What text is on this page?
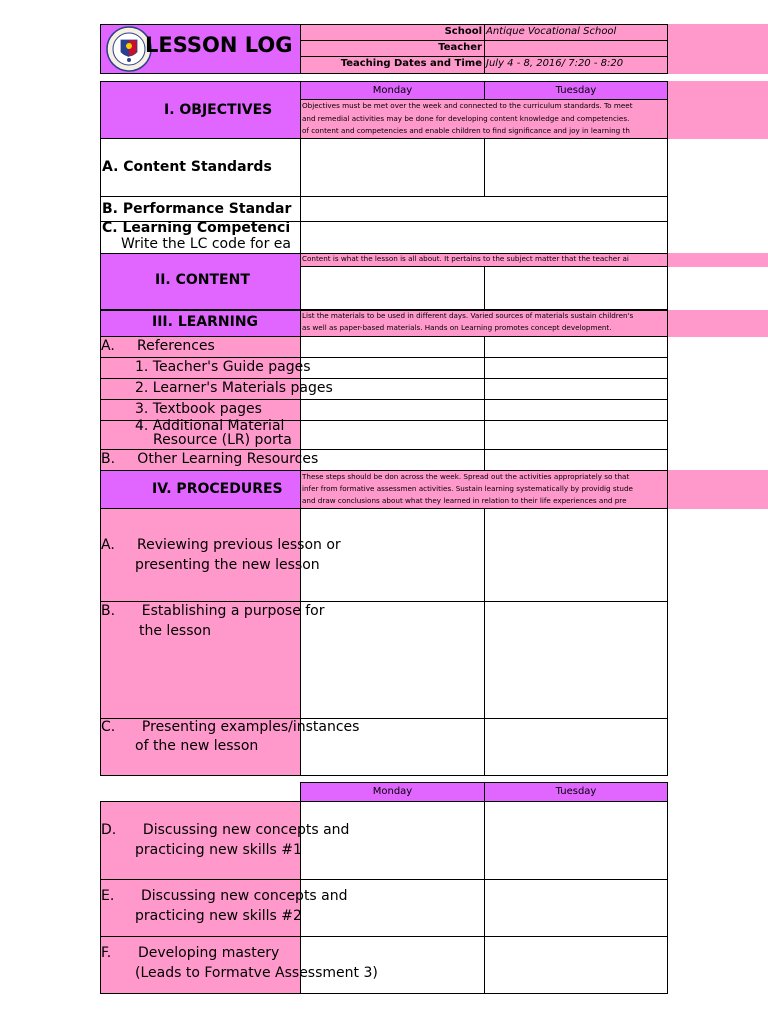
LESSON LOG
School Antique Vocational School
Teacher
Teaching Dates and Time July 4 - 8, 2016/ 7:20 - 8:20
Monday	Tuesday
I. OBJECTIVES	Objectives must be met over the week and connected to the curriculum standards. To meet
and remedial activities may be done for developing content knowledge and competencies.
of content and competencies and enable children to find significance and joy in learning th
A. Content Standards
B. Performance Standar
C. Learning Competenci
Write the LC code for ea
II. CONTENT
Content is what the lesson is all about. It pertains to the subject matter that the teacher ai
III. LEARNING	List the materials to be used in different days. Varied sources of materials sustain children's
as well as paper-based materials. Hands on Learning promotes concept development.
A.     References
1. Teacher's Guide pages
2. Learner's Materials pages
3. Textbook pages
4. Additional Material
Resource (LR) porta
B.     Other Learning Resources
IV. PROCEDURES
These steps should be don across the week. Spread out the activities appropriately so that
infer from formative assessmen activities. Sustain learning systematically by providig stude
and draw conclusions about what they learned in relation to their life experiences and pre
A.     Reviewing previous lesson or
presenting the new lesson
B.      Establishing a purpose for
the lesson
C.      Presenting examples/instances
of the new lesson
Monday	Tuesday
D.      Discussing new concepts and
practicing new skills #1
E.      Discussing new concepts and
practicing new skills #2
F.      Developing mastery
(Leads to Formatve Assessment 3)
